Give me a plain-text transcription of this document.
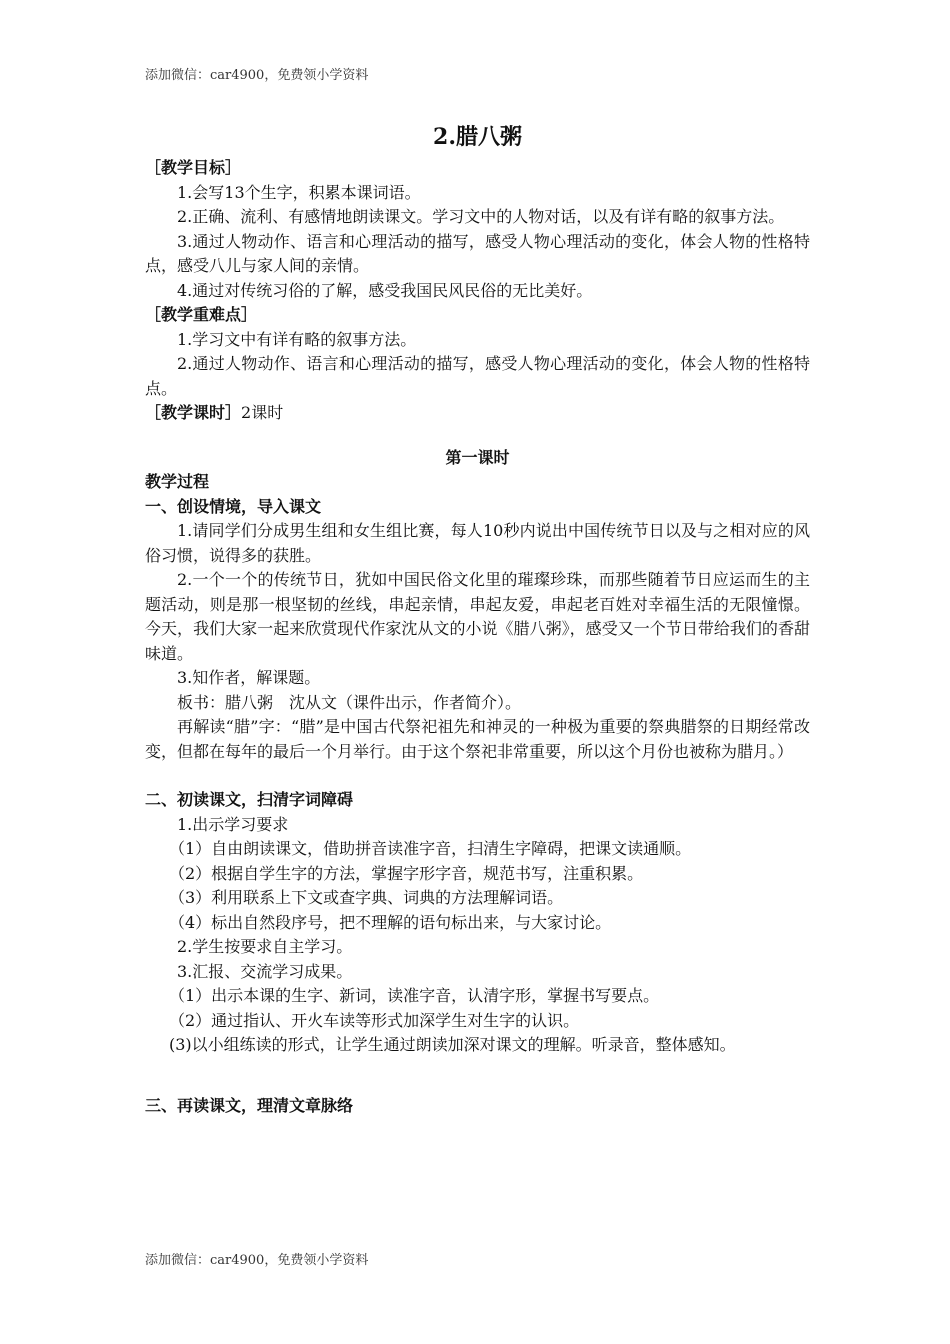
添加微信：car4900，免费领小学资料

2.腊八粥

［教学目标］

1.会写13个生字，积累本课词语。

2.正确、流利、有感情地朗读课文。学习文中的人物对话，以及有详有略的叙事方法。

3.通过人物动作、语言和心理活动的描写，感受人物心理活动的变化，体会人物的性格特点，感受八儿与家人间的亲情。

4.通过对传统习俗的了解，感受我国民风民俗的无比美好。

［教学重难点］

1.学习文中有详有略的叙事方法。

2.通过人物动作、语言和心理活动的描写，感受人物心理活动的变化，体会人物的性格特点。

［教学课时］2课时

第一课时

教学过程

一、创设情境，导入课文

1.请同学们分成男生组和女生组比赛，每人10秒内说出中国传统节日以及与之相对应的风俗习惯，说得多的获胜。

2.一个一个的传统节日，犹如中国民俗文化里的璀璨珍珠，而那些随着节日应运而生的主题活动，则是那一根坚韧的丝线，串起亲情，串起友爱，串起老百姓对幸福生活的无限憧憬。今天，我们大家一起来欣赏现代作家沈从文的小说《腊八粥》，感受又一个节日带给我们的香甜味道。

3.知作者，解课题。

板书：腊八粥　沈从文（课件出示，作者简介）。

再解读“腊”字：“腊”是中国古代祭祀祖先和神灵的一种极为重要的祭典腊祭的日期经常改变，但都在每年的最后一个月举行。由于这个祭祀非常重要，所以这个月份也被称为腊月。）

二、初读课文，扫清字词障碍

1.出示学习要求

（1）自由朗读课文，借助拼音读准字音，扫清生字障碍，把课文读通顺。

（2）根据自学生字的方法，掌握字形字音，规范书写，注重积累。

（3）利用联系上下文或查字典、词典的方法理解词语。

（4）标出自然段序号，把不理解的语句标出来，与大家讨论。

2.学生按要求自主学习。

3.汇报、交流学习成果。

（1）出示本课的生字、新词，读准字音，认清字形，掌握书写要点。

（2）通过指认、开火车读等形式加深学生对生字的认识。

(3)以小组练读的形式，让学生通过朗读加深对课文的理解。听录音，整体感知。

三、再读课文，理清文章脉络

添加微信：car4900，免费领小学资料
